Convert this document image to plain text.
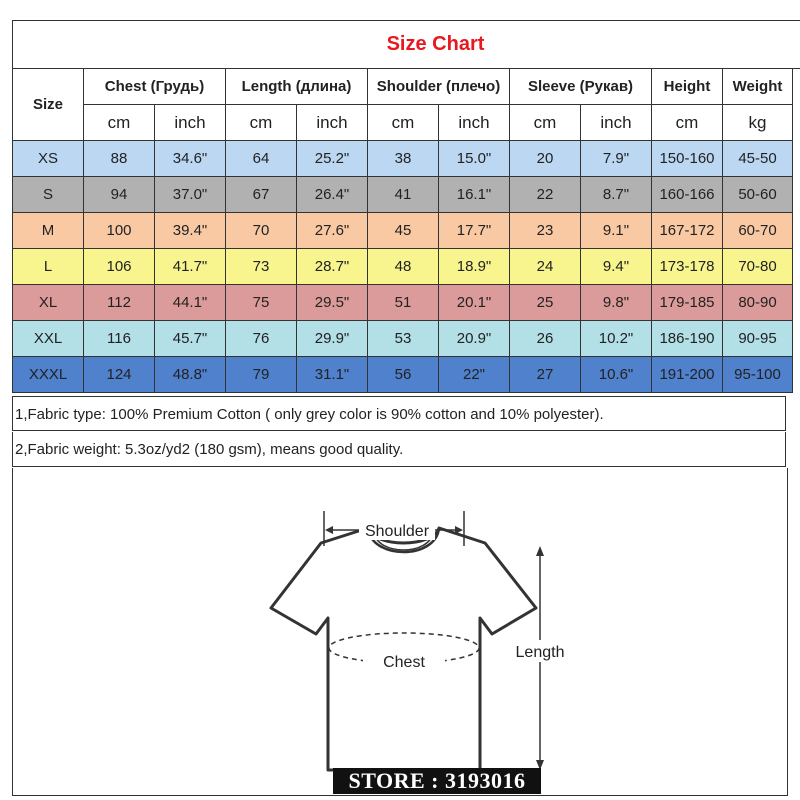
Size Chart										
Size	Chest (Грудь)		Length (длина)		Shoulder (плечо)		Sleeve (Рукав)		Height	Weight
	cm	inch	cm	inch	cm	inch	cm	inch	cm	kg
XS	88	34.6"	64	25.2"	38	15.0"	20	7.9"	150-160	45-50
S	94	37.0"	67	26.4"	41	16.1"	22	8.7"	160-166	50-60
M	100	39.4"	70	27.6"	45	17.7"	23	9.1"	167-172	60-70
L	106	41.7"	73	28.7"	48	18.9"	24	9.4"	173-178	70-80
XL	112	44.1"	75	29.5"	51	20.1"	25	9.8"	179-185	80-90
XXL	116	45.7"	76	29.9"	53	20.9"	26	10.2"	186-190	90-95
XXXL	124	48.8"	79	31.1"	56	22"	27	10.6"	191-200	95-100
1,Fabric type: 100% Premium Cotton ( only grey color is 90% cotton and 10% polyester).
2,Fabric weight: 5.3oz/yd2 (180 gsm), means good quality.
Shoulder
Chest
Length
STORE : 3193016
